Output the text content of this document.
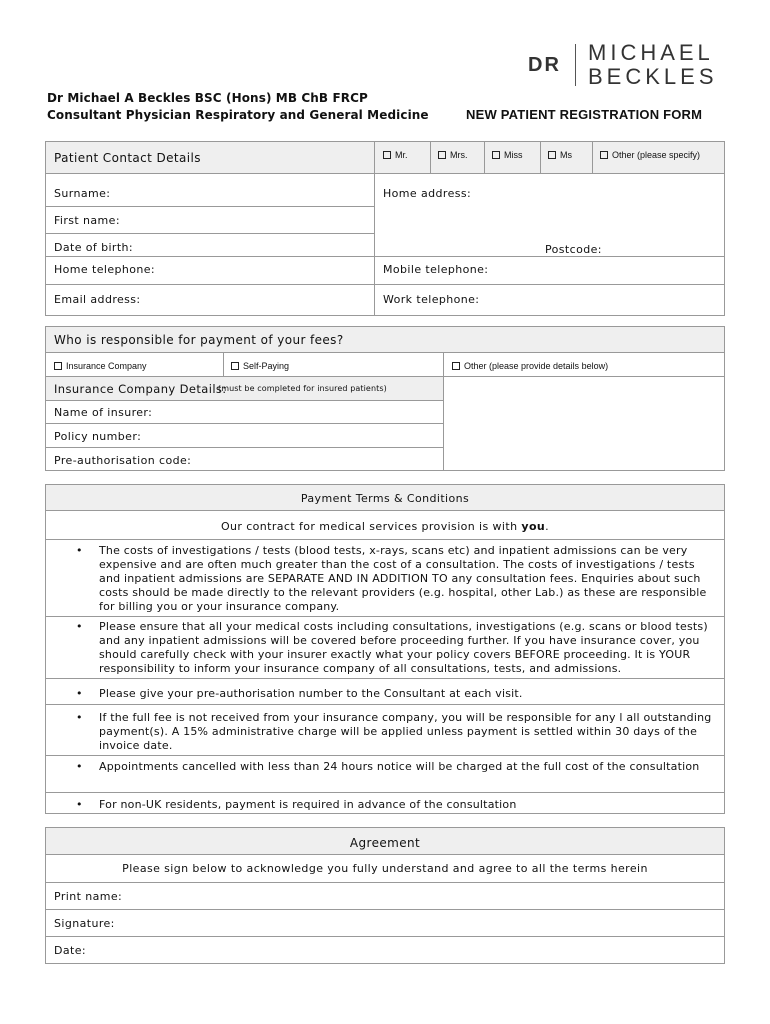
DR MICHAEL
BECKLES
Dr Michael A Beckles BSC (Hons) MB ChB FRCP
Consultant Physician Respiratory and General Medicine	NEW PATIENT REGISTRATION FORM
Patient Contact Details	Mr.	Mrs.	Miss	Ms	Other (please specify)
Surname:
First name:
Date of birth:
Home address:
Postcode:
Home telephone:	Mobile telephone:
Email address:	Work telephone:
Who is responsible for payment of your fees?
Insurance Company	Self-Paying	Other (please provide details below)
Insurance Company Details:
(must be completed for insured patients)
Name of insurer:
Policy number:
Pre-authorisation code:
Payment Terms & Conditions
Our contract for medical services provision is with you.
• The costs of investigations / tests (blood tests, x-rays, scans etc) and inpatient admissions can be very expensive and are often much greater than the cost of a consultation. The costs of investigations / tests and inpatient admissions are SEPARATE AND IN ADDITION TO any consultation fees. Enquiries about such costs should be made directly to the relevant providers (e.g. hospital, other Lab.) as these are responsible for billing you or your insurance company.
• Please ensure that all your medical costs including consultations, investigations (e.g. scans or blood tests) and any inpatient admissions will be covered before proceeding further. If you have insurance cover, you should carefully check with your insurer exactly what your policy covers BEFORE proceeding. It is YOUR responsibility to inform your insurance company of all consultations, tests, and admissions.
• Please give your pre-authorisation number to the Consultant at each visit.
• If the full fee is not received from your insurance company, you will be responsible for any l all outstanding payment(s). A 15% administrative charge will be applied unless payment is settled within 30 days of the invoice date.
• Appointments cancelled with less than 24 hours notice will be charged at the full cost of the consultation
• For non-UK residents, payment is required in advance of the consultation
Agreement
Please sign below to acknowledge you fully understand and agree to all the terms herein
Print name:
Signature:
Date:
